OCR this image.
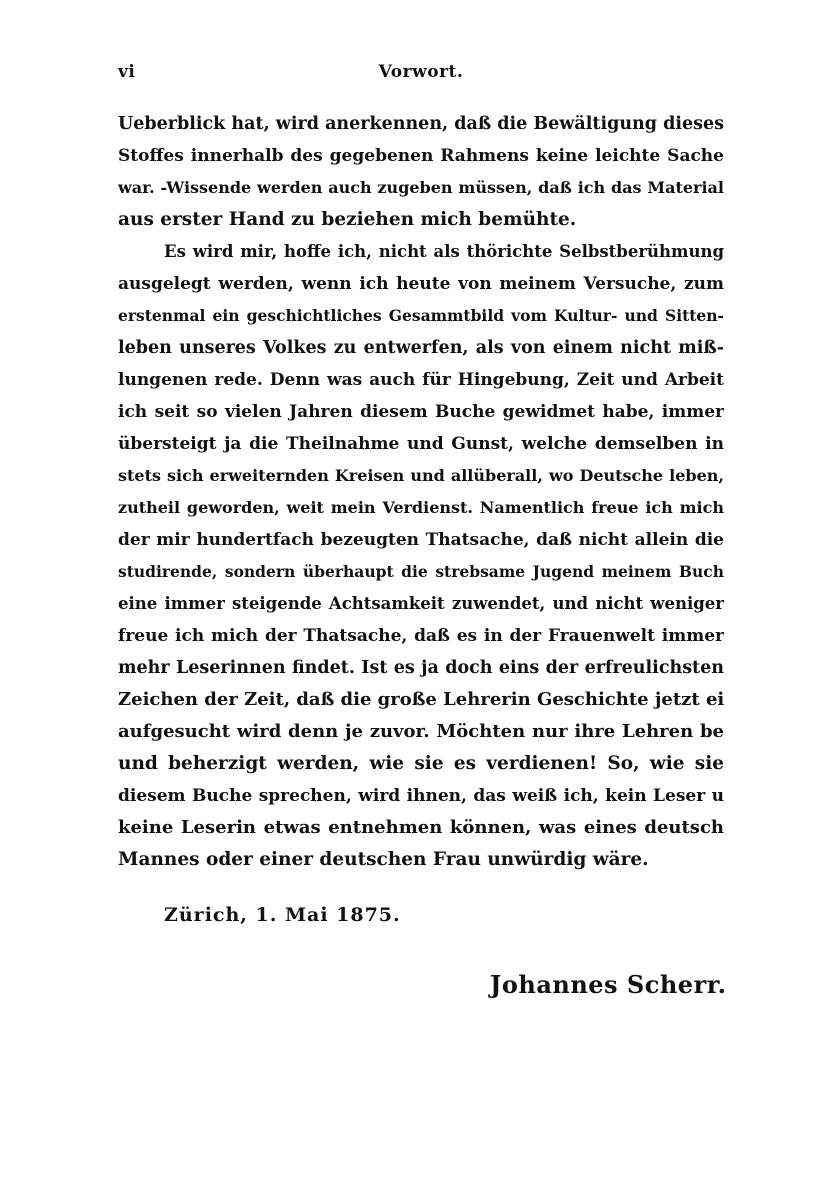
vi	Vorwort.
Ueberblick hat, wird anerkennen, daß die Bewältigung dieses
Stoffes innerhalb des gegebenen Rahmens keine leichte Sache
war. -Wissende werden auch zugeben müssen, daß ich das Material
aus erster Hand zu beziehen mich bemühte.
Es wird mir, hoffe ich, nicht als thörichte Selbstberühmung
ausgelegt werden, wenn ich heute von meinem Versuche, zum
erstenmal ein geschichtliches Gesammtbild vom Kultur- und Sitten-
leben unseres Volkes zu entwerfen, als von einem nicht miß-
lungenen rede. Denn was auch für Hingebung, Zeit und Arbeit
ich seit so vielen Jahren diesem Buche gewidmet habe, immer
übersteigt ja die Theilnahme und Gunst, welche demselben in
stets sich erweiternden Kreisen und allüberall, wo Deutsche leben,
zutheil geworden, weit mein Verdienst. Namentlich freue ich mich
der mir hundertfach bezeugten Thatsache, daß nicht allein die
studirende, sondern überhaupt die strebsame Jugend meinem Buch
eine immer steigende Achtsamkeit zuwendet, und nicht weniger
freue ich mich der Thatsache, daß es in der Frauenwelt immer
mehr Leserinnen findet. Ist es ja doch eins der erfreulichsten
Zeichen der Zeit, daß die große Lehrerin Geschichte jetzt ei
aufgesucht wird denn je zuvor. Möchten nur ihre Lehren be
und beherzigt werden, wie sie es verdienen! So, wie sie
diesem Buche sprechen, wird ihnen, das weiß ich, kein Leser u
keine Leserin etwas entnehmen können, was eines deutsch
Mannes oder einer deutschen Frau unwürdig wäre.
Zürich, 1. Mai 1875.
Johannes Scherr.
